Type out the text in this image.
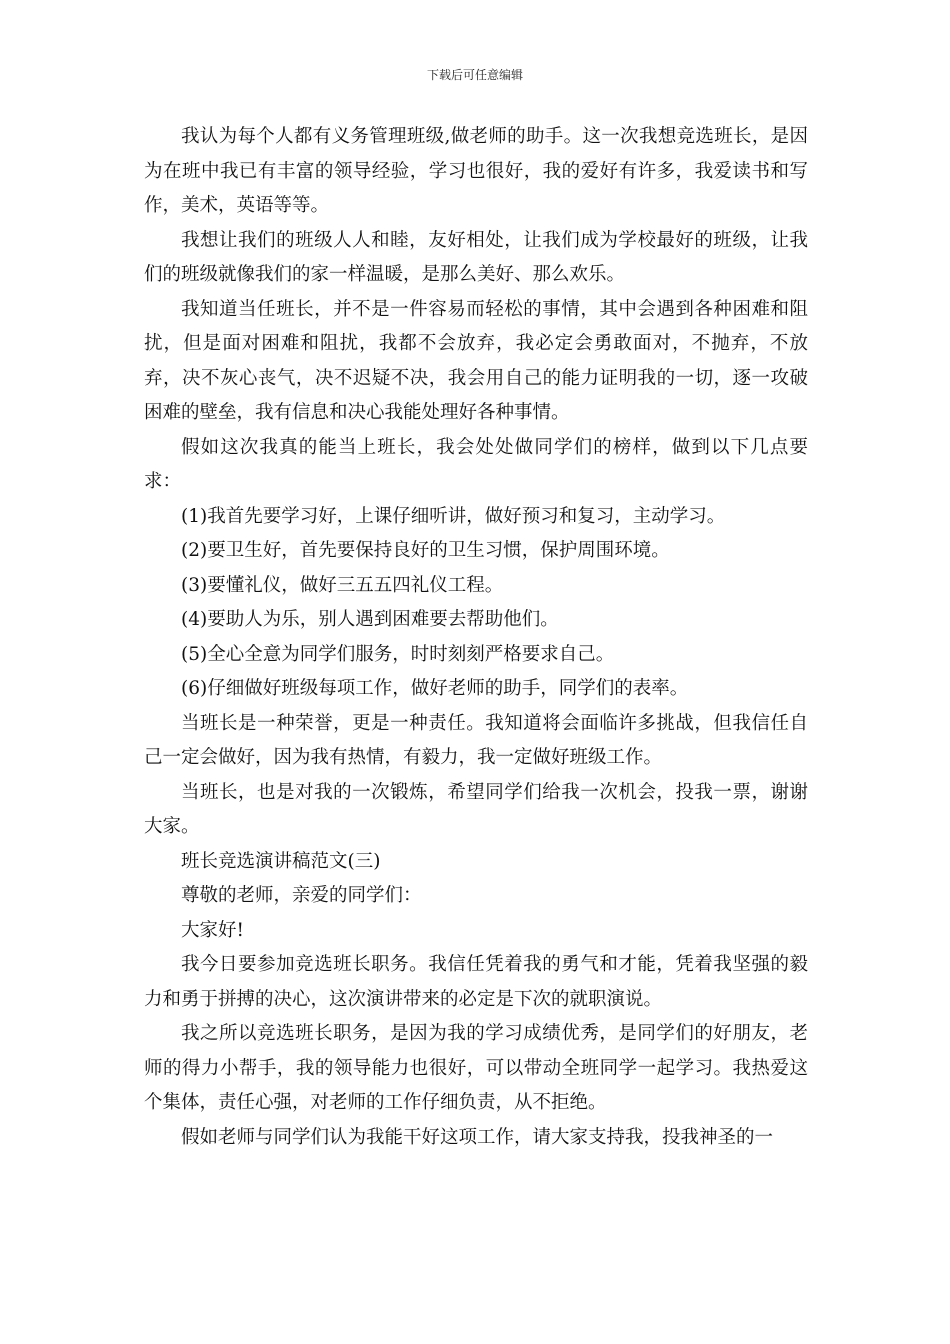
下载后可任意编辑

我认为每个人都有义务管理班级,做老师的助手。这一次我想竞选班长，是因为在班中我已有丰富的领导经验，学习也很好，我的爱好有许多，我爱读书和写作，美术，英语等等。

我想让我们的班级人人和睦，友好相处，让我们成为学校最好的班级，让我们的班级就像我们的家一样温暖，是那么美好、那么欢乐。

我知道当任班长，并不是一件容易而轻松的事情，其中会遇到各种困难和阻扰，但是面对困难和阻扰，我都不会放弃，我必定会勇敢面对，不抛弃，不放弃，决不灰心丧气，决不迟疑不决，我会用自己的能力证明我的一切，逐一攻破困难的壁垒，我有信息和决心我能处理好各种事情。

假如这次我真的能当上班长，我会处处做同学们的榜样，做到以下几点要求：

(1)我首先要学习好，上课仔细听讲，做好预习和复习，主动学习。

(2)要卫生好，首先要保持良好的卫生习惯，保护周围环境。

(3)要懂礼仪，做好三五五四礼仪工程。

(4)要助人为乐，别人遇到困难要去帮助他们。

(5)全心全意为同学们服务，时时刻刻严格要求自己。

(6)仔细做好班级每项工作，做好老师的助手，同学们的表率。

当班长是一种荣誉，更是一种责任。我知道将会面临许多挑战，但我信任自己一定会做好，因为我有热情，有毅力，我一定做好班级工作。

当班长，也是对我的一次锻炼，希望同学们给我一次机会，投我一票，谢谢大家。

班长竞选演讲稿范文(三)

尊敬的老师，亲爱的同学们：

大家好!

我今日要参加竞选班长职务。我信任凭着我的勇气和才能，凭着我坚强的毅力和勇于拼搏的决心，这次演讲带来的必定是下次的就职演说。

我之所以竞选班长职务，是因为我的学习成绩优秀，是同学们的好朋友，老师的得力小帮手，我的领导能力也很好，可以带动全班同学一起学习。我热爱这个集体，责任心强，对老师的工作仔细负责，从不拒绝。

假如老师与同学们认为我能干好这项工作，请大家支持我，投我神圣的一
